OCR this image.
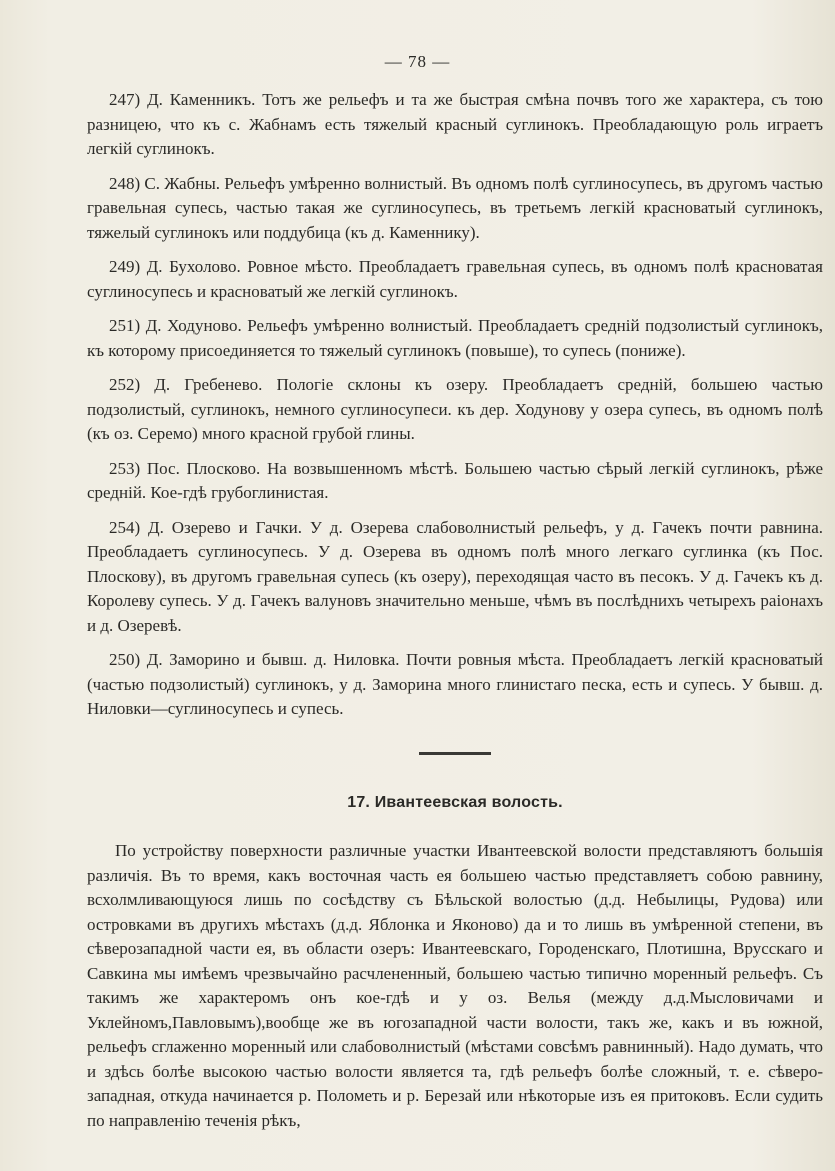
— 78 —

247) Д. Каменникъ. Тотъ же рельефъ и та же быстрая смѣна почвъ того же характера, съ тою разницею, что къ с. Жабнамъ есть тяжелый красный суглинокъ. Преобладающую роль играетъ легкій суглинокъ.

248) С. Жабны. Рельефъ умѣренно волнистый. Въ одномъ полѣ суглиносупесь, въ другомъ частью гравельная супесь, частью такая же суглиносупесь, въ третьемъ легкій красноватый суглинокъ, тяжелый суглинокъ или поддубица (къ д. Каменнику).

249) Д. Бухолово. Ровное мѣсто. Преобладаетъ гравельная супесь, въ одномъ полѣ красноватая суглиносупесь и красноватый же легкій суглинокъ.

251) Д. Ходуново. Рельефъ умѣренно волнистый. Преобладаетъ средній подзолистый суглинокъ, къ которому присоединяется то тяжелый суглинокъ (повыше), то супесь (пониже).

252) Д. Гребенево. Пологіе склоны къ озеру. Преобладаетъ средній, большею частью подзолистый, суглинокъ, немного суглиносупеси. къ дер. Ходунову у озера супесь, въ одномъ полѣ (къ оз. Серемо) много красной грубой глины.

253) Пос. Плосково. На возвышенномъ мѣстѣ. Большею частью сѣрый легкій суглинокъ, рѣже средній. Кое-гдѣ грубоглинистая.

254) Д. Озерево и Гачки. У д. Озерева слабоволнистый рельефъ, у д. Гачекъ почти равнина. Преобладаетъ суглиносупесь. У д. Озерева въ одномъ полѣ много легкаго суглинка (къ Пос. Плоскову), въ другомъ гравельная супесь (къ озеру), переходящая часто въ песокъ. У д. Гачекъ къ д. Королеву супесь. У д. Гачекъ валуновъ значительно меньше, чѣмъ въ послѣднихъ четырехъ раіонахъ и д. Озеревѣ.

250) Д. Заморино и бывш. д. Ниловка. Почти ровныя мѣста. Преобладаетъ легкій красноватый (частью подзолистый) суглинокъ, у д. Заморина много глинистаго песка, есть и супесь. У бывш. д. Ниловки—суглиносупесь и супесь.

17. Ивантеевская волость.

По устройству поверхности различные участки Ивантеевской волости представляютъ большія различія. Въ то время, какъ восточная часть ея большею частью представляетъ собою равнину, всхолмливающуюся лишь по сосѣдству съ Бѣльской волостью (д.д. Небылицы, Рудова) или островками въ другихъ мѣстахъ (д.д. Яблонка и Яконово) да и то лишь въ умѣренной степени, въ сѣверозападной части ея, въ области озеръ: Ивантеевскаго, Городенскаго, Плотишна, Врусскаго и Савкина мы имѣемъ чрезвычайно расчлененный, большею частью типично моренный рельефъ. Съ такимъ же характеромъ онъ кое-гдѣ и у оз. Велья (между д.д.Мысловичами и Уклейномъ,Павловымъ),вообще же въ югозападной части волости, такъ же, какъ и въ южной, рельефъ сглаженно моренный или слабоволнистый (мѣстами совсѣмъ равнинный). Надо думать, что и здѣсь болѣе высокою частью волости является та, гдѣ рельефъ болѣе сложный, т. е. сѣверо-западная, откуда начинается р. Полометь и р. Березай или нѣкоторые изъ ея притоковъ. Если судить по направленію теченія рѣкъ,
